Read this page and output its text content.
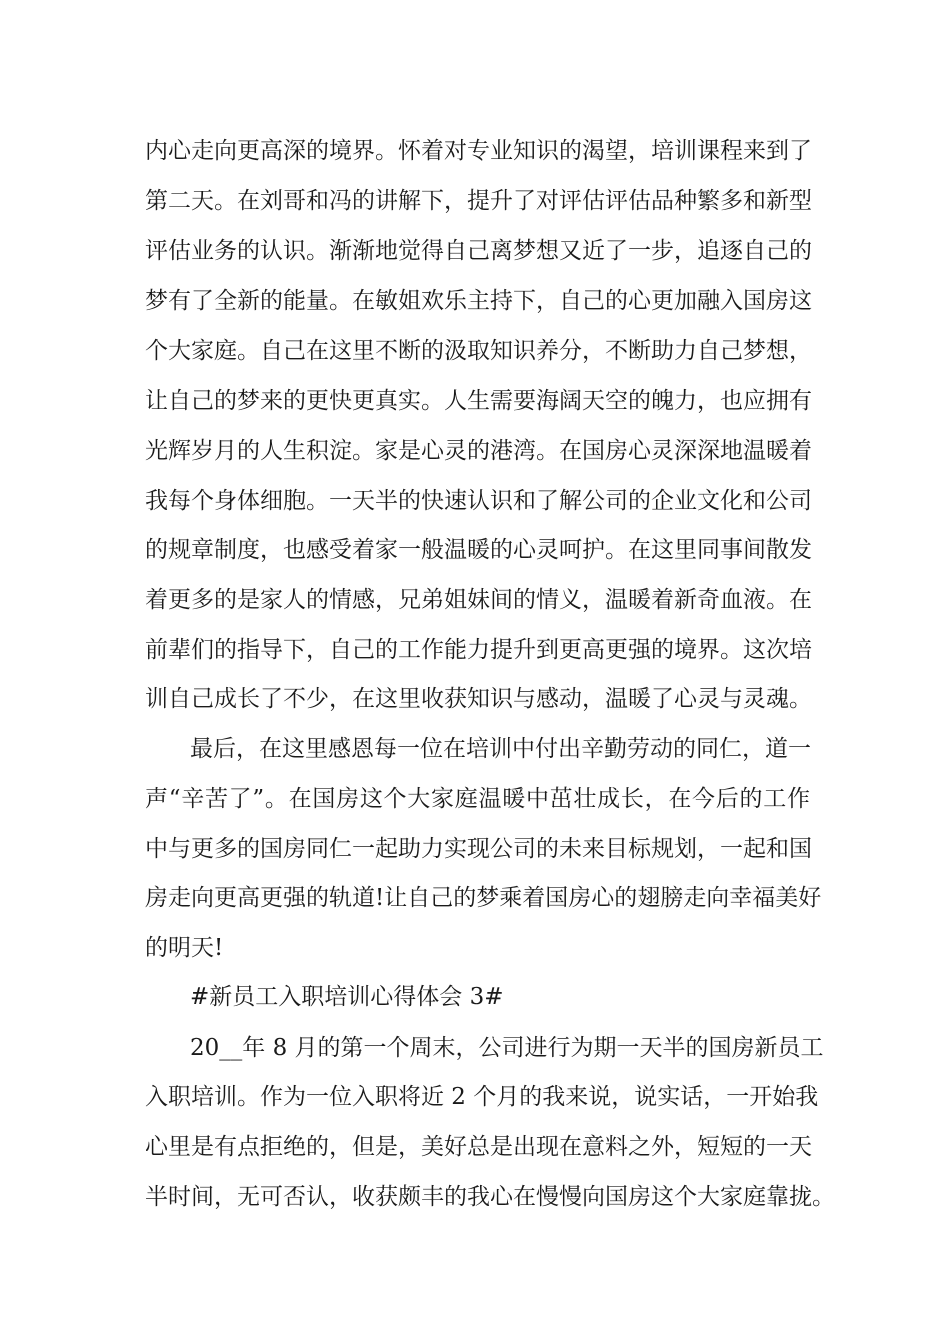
内心走向更高深的境界。怀着对专业知识的渴望，培训课程来到了
第二天。在刘哥和冯的讲解下，提升了对评估评估品种繁多和新型
评估业务的认识。渐渐地觉得自己离梦想又近了一步，追逐自己的
梦有了全新的能量。在敏姐欢乐主持下，自己的心更加融入国房这
个大家庭。自己在这里不断的汲取知识养分，不断助力自己梦想，
让自己的梦来的更快更真实。人生需要海阔天空的魄力，也应拥有
光辉岁月的人生积淀。家是心灵的港湾。在国房心灵深深地温暖着
我每个身体细胞。一天半的快速认识和了解公司的企业文化和公司
的规章制度，也感受着家一般温暖的心灵呵护。在这里同事间散发
着更多的是家人的情感，兄弟姐妹间的情义，温暖着新奇血液。在
前辈们的指导下，自己的工作能力提升到更高更强的境界。这次培
训自己成长了不少，在这里收获知识与感动，温暖了心灵与灵魂。
最后，在这里感恩每一位在培训中付出辛勤劳动的同仁，道一
声“辛苦了”。在国房这个大家庭温暖中茁壮成长，在今后的工作
中与更多的国房同仁一起助力实现公司的未来目标规划，一起和国
房走向更高更强的轨道!让自己的梦乘着国房心的翅膀走向幸福美好
的明天!
#新员工入职培训心得体会 3#
20__年 8 月的第一个周末，公司进行为期一天半的国房新员工
入职培训。作为一位入职将近 2 个月的我来说，说实话，一开始我
心里是有点拒绝的，但是，美好总是出现在意料之外，短短的一天
半时间，无可否认，收获颇丰的我心在慢慢向国房这个大家庭靠拢。
